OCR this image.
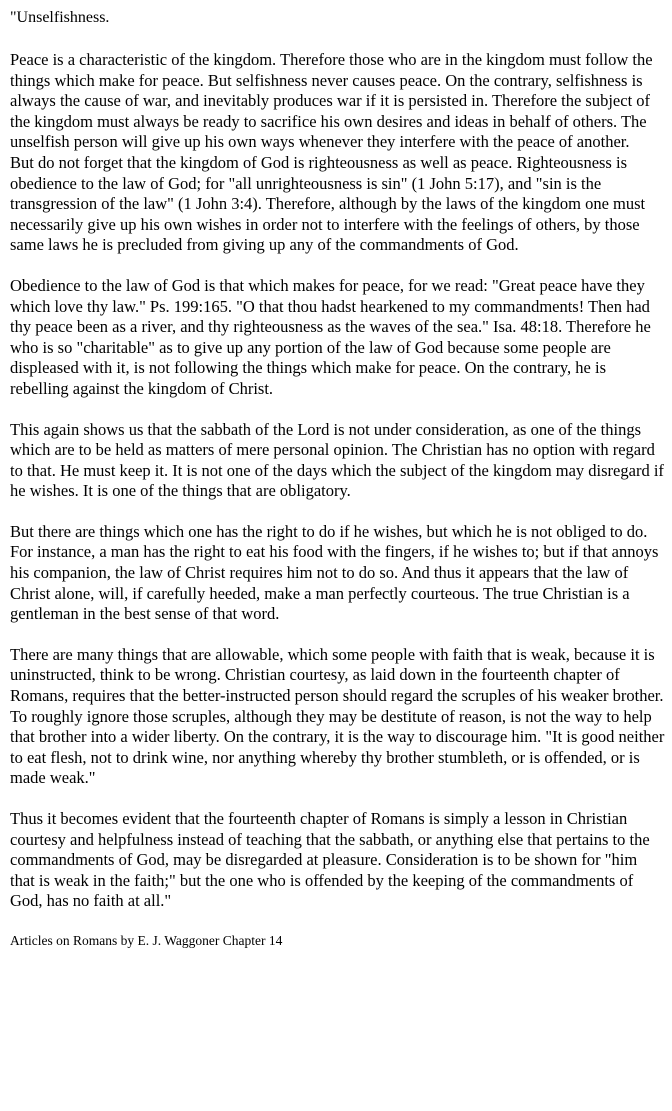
"Unselfishness.
Peace is a characteristic of the kingdom. Therefore those who are in the kingdom must follow the things which make for peace. But selfishness never causes peace. On the contrary, selfishness is always the cause of war, and inevitably produces war if it is persisted in. Therefore the subject of the kingdom must always be ready to sacrifice his own desires and ideas in behalf of others. The unselfish person will give up his own ways whenever they interfere with the peace of another.
But do not forget that the kingdom of God is righteousness as well as peace. Righteousness is obedience to the law of God; for "all unrighteousness is sin" (1 John 5:17), and "sin is the transgression of the law" (1 John 3:4). Therefore, although by the laws of the kingdom one must necessarily give up his own wishes in order not to interfere with the feelings of others, by those same laws he is precluded from giving up any of the commandments of God.
Obedience to the law of God is that which makes for peace, for we read: "Great peace have they which love thy law." Ps. 199:165. "O that thou hadst hearkened to my commandments! Then had thy peace been as a river, and thy righteousness as the waves of the sea." Isa. 48:18. Therefore he who is so "charitable" as to give up any portion of the law of God because some people are displeased with it, is not following the things which make for peace. On the contrary, he is rebelling against the kingdom of Christ.
This again shows us that the sabbath of the Lord is not under consideration, as one of the things which are to be held as matters of mere personal opinion. The Christian has no option with regard to that. He must keep it. It is not one of the days which the subject of the kingdom may disregard if he wishes. It is one of the things that are obligatory.
But there are things which one has the right to do if he wishes, but which he is not obliged to do. For instance, a man has the right to eat his food with the fingers, if he wishes to; but if that annoys his companion, the law of Christ requires him not to do so. And thus it appears that the law of Christ alone, will, if carefully heeded, make a man perfectly courteous. The true Christian is a gentleman in the best sense of that word.
There are many things that are allowable, which some people with faith that is weak, because it is uninstructed, think to be wrong. Christian courtesy, as laid down in the fourteenth chapter of Romans, requires that the better-instructed person should regard the scruples of his weaker brother. To roughly ignore those scruples, although they may be destitute of reason, is not the way to help that brother into a wider liberty. On the contrary, it is the way to discourage him. "It is good neither to eat flesh, not to drink wine, nor anything whereby thy brother stumbleth, or is offended, or is made weak."
Thus it becomes evident that the fourteenth chapter of Romans is simply a lesson in Christian courtesy and helpfulness instead of teaching that the sabbath, or anything else that pertains to the commandments of God, may be disregarded at pleasure. Consideration is to be shown for "him that is weak in the faith;" but the one who is offended by the keeping of the commandments of God, has no faith at all."
Articles on Romans by E. J. Waggoner Chapter 14
